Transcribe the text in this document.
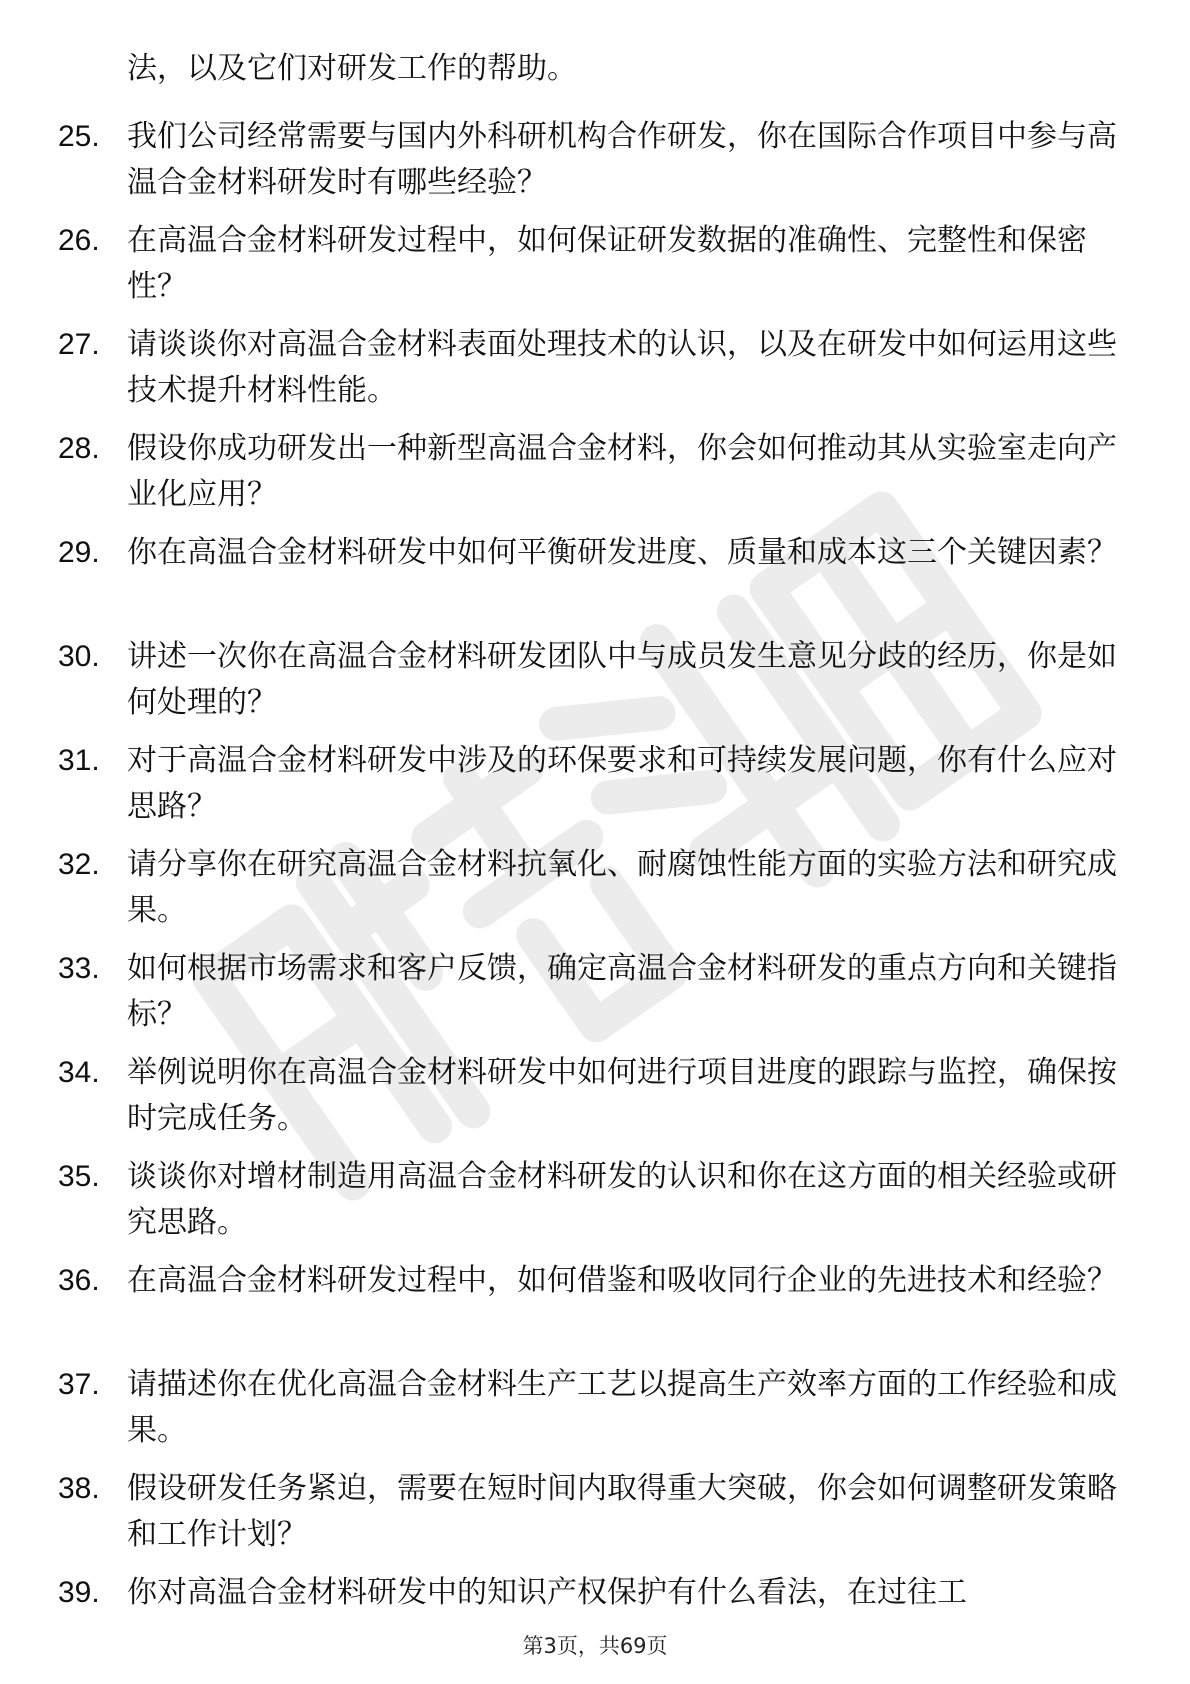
法，以及它们对研发工作的帮助。

25. 我们公司经常需要与国内外科研机构合作研发，你在国际合作项目中参与高温合金材料研发时有哪些经验？

26. 在高温合金材料研发过程中，如何保证研发数据的准确性、完整性和保密性？

27. 请谈谈你对高温合金材料表面处理技术的认识，以及在研发中如何运用这些技术提升材料性能。

28. 假设你成功研发出一种新型高温合金材料，你会如何推动其从实验室走向产业化应用？

29. 你在高温合金材料研发中如何平衡研发进度、质量和成本这三个关键因素？

30. 讲述一次你在高温合金材料研发团队中与成员发生意见分歧的经历，你是如何处理的？

31. 对于高温合金材料研发中涉及的环保要求和可持续发展问题，你有什么应对思路？

32. 请分享你在研究高温合金材料抗氧化、耐腐蚀性能方面的实验方法和研究成果。

33. 如何根据市场需求和客户反馈，确定高温合金材料研发的重点方向和关键指标？

34. 举例说明你在高温合金材料研发中如何进行项目进度的跟踪与监控，确保按时完成任务。

35. 谈谈你对增材制造用高温合金材料研发的认识和你在这方面的相关经验或研究思路。

36. 在高温合金材料研发过程中，如何借鉴和吸收同行企业的先进技术和经验？

37. 请描述你在优化高温合金材料生产工艺以提高生产效率方面的工作经验和成果。

38. 假设研发任务紧迫，需要在短时间内取得重大突破，你会如何调整研发策略和工作计划？

39. 你对高温合金材料研发中的知识产权保护有什么看法，在过往工

第3页，共69页
